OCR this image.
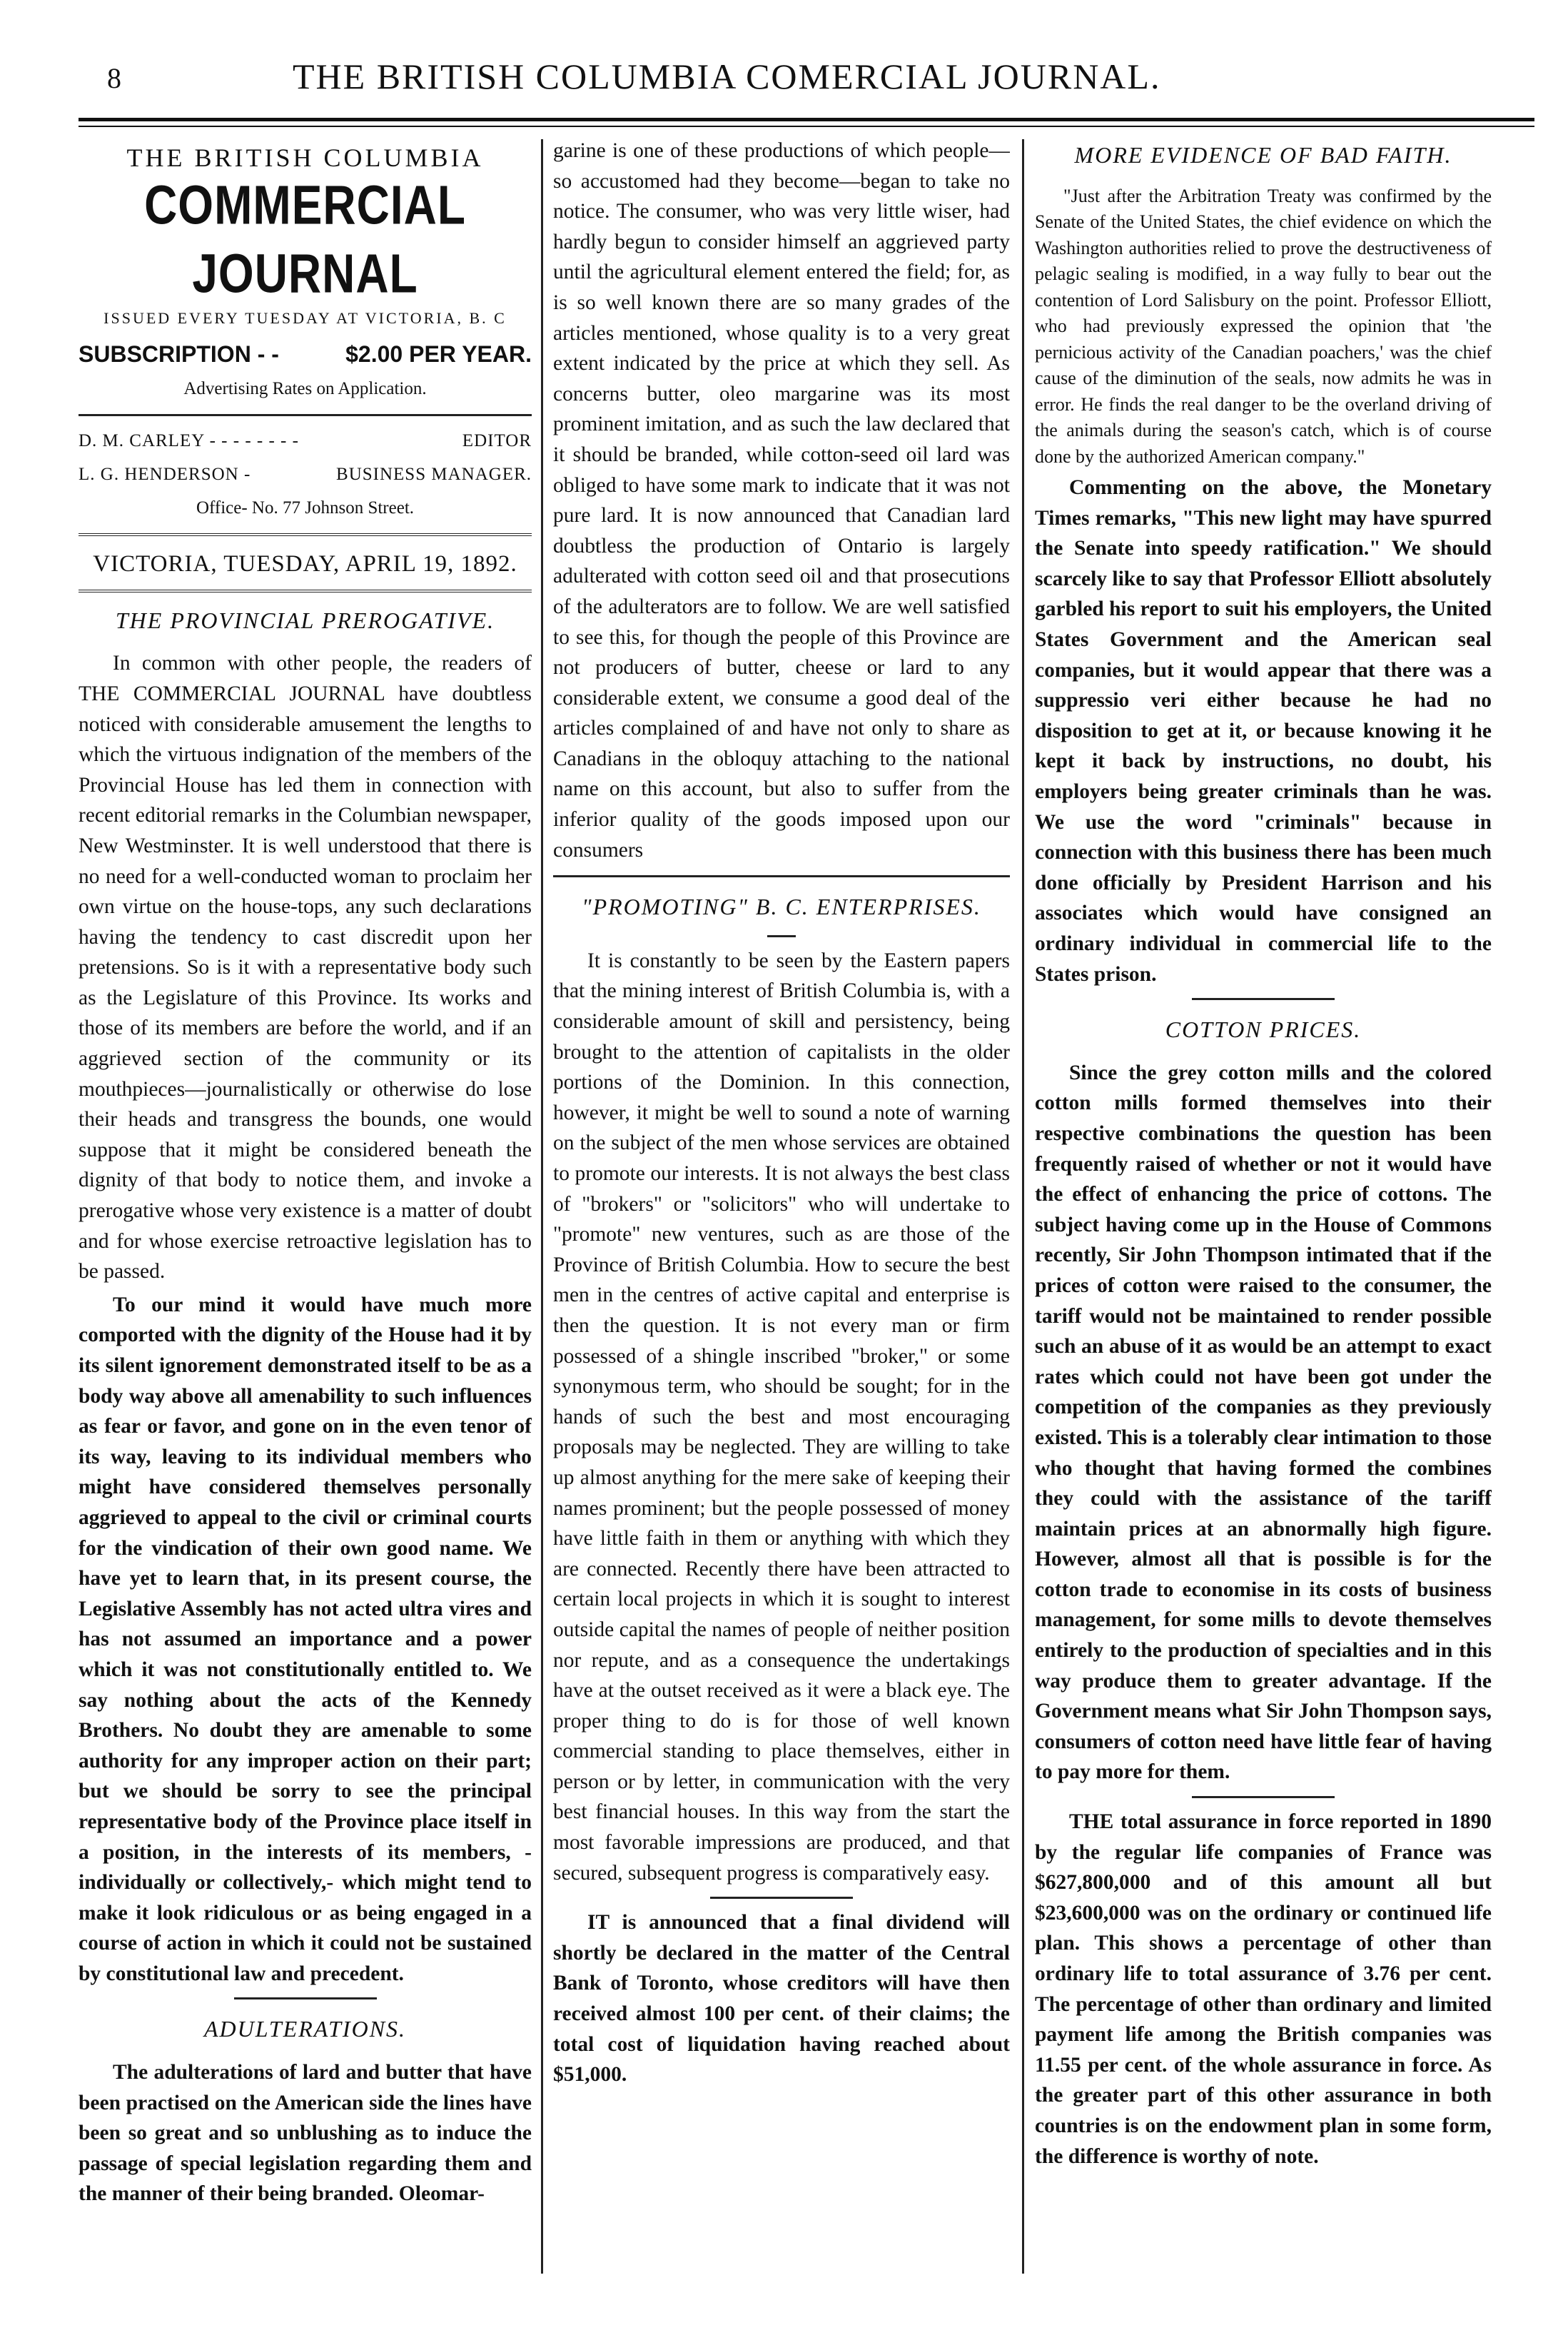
8	THE BRITISH COLUMBIA COMERCIAL JOURNAL.
THE BRITISH COLUMBIA
COMMERCIAL JOURNAL
ISSUED EVERY TUESDAY AT VICTORIA, B. C
SUBSCRIPTION - -	$2.00 PER YEAR.
Advertising Rates on Application.
D. M. CARLEY - - - - - - - -	EDITOR
L. G. HENDERSON -	BUSINESS MANAGER.
Office- No. 77 Johnson Street.
VICTORIA, TUESDAY, APRIL 19, 1892.
THE PROVINCIAL PREROGATIVE.

In common with other people, the readers of THE COMMERCIAL JOURNAL have doubtless noticed with considerable amusement the lengths to which the virtuous indignation of the members of the Provincial House has led them in connection with recent editorial remarks in the Columbian newspaper, New Westminster. It is well understood that there is no need for a well-conducted woman to proclaim her own virtue on the house-tops, any such declarations having the tendency to cast discredit upon her pretensions. So is it with a representative body such as the Legislature of this Province. Its works and those of its members are before the world, and if an aggrieved section of the community or its mouthpieces—journalistically or otherwise do lose their heads and transgress the bounds, one would suppose that it might be considered beneath the dignity of that body to notice them, and invoke a prerogative whose very existence is a matter of doubt and for whose exercise retroactive legislation has to be passed.

To our mind it would have much more comported with the dignity of the House had it by its silent ignorement demonstrated itself to be as a body way above all amenability to such influences as fear or favor, and gone on in the even tenor of its way, leaving to its individual members who might have considered themselves personally aggrieved to appeal to the civil or criminal courts for the vindication of their own good name. We have yet to learn that, in its present course, the Legislative Assembly has not acted ultra vires and has not assumed an importance and a power which it was not constitutionally entitled to. We say nothing about the acts of the Kennedy Brothers. No doubt they are amenable to some authority for any improper action on their part; but we should be sorry to see the principal representative body of the Province place itself in a position, in the interests of its members, -individually or collectively,- which might tend to make it look ridiculous or as being engaged in a course of action in which it could not be sustained by constitutional law and precedent.

ADULTERATIONS.

The adulterations of lard and butter that have been practised on the American side the lines have been so great and so unblushing as to induce the passage of special legislation regarding them and the manner of their being branded. Oleomar-

garine is one of these productions of which people—so accustomed had they become—began to take no notice. The consumer, who was very little wiser, had hardly begun to consider himself an aggrieved party until the agricultural element entered the field; for, as is so well known there are so many grades of the articles mentioned, whose quality is to a very great extent indicated by the price at which they sell. As concerns butter, oleo margarine was its most prominent imitation, and as such the law declared that it should be branded, while cotton-seed oil lard was obliged to have some mark to indicate that it was not pure lard. It is now announced that Canadian lard doubtless the production of Ontario is largely adulterated with cotton seed oil and that prosecutions of the adulterators are to follow. We are well satisfied to see this, for though the people of this Province are not producers of butter, cheese or lard to any considerable extent, we consume a good deal of the articles complained of and have not only to share as Canadians in the obloquy attaching to the national name on this account, but also to suffer from the inferior quality of the goods imposed upon our consumers

"PROMOTING" B. C. ENTERPRISES.

It is constantly to be seen by the Eastern papers that the mining interest of British Columbia is, with a considerable amount of skill and persistency, being brought to the attention of capitalists in the older portions of the Dominion. In this connection, however, it might be well to sound a note of warning on the subject of the men whose services are obtained to promote our interests. It is not always the best class of "brokers" or "solicitors" who will undertake to "promote" new ventures, such as are those of the Province of British Columbia. How to secure the best men in the centres of active capital and enterprise is then the question. It is not every man or firm possessed of a shingle inscribed "broker," or some synonymous term, who should be sought; for in the hands of such the best and most encouraging proposals may be neglected. They are willing to take up almost anything for the mere sake of keeping their names prominent; but the people possessed of money have little faith in them or anything with which they are connected. Recently there have been attracted to certain local projects in which it is sought to interest outside capital the names of people of neither position nor repute, and as a consequence the undertakings have at the outset received as it were a black eye. The proper thing to do is for those of well known commercial standing to place themselves, either in person or by letter, in communication with the very best financial houses. In this way from the start the most favorable impressions are produced, and that secured, subsequent progress is comparatively easy.

IT is announced that a final dividend will shortly be declared in the matter of the Central Bank of Toronto, whose creditors will have then received almost 100 per cent. of their claims; the total cost of liquidation having reached about $51,000.

MORE EVIDENCE OF BAD FAITH.

"Just after the Arbitration Treaty was confirmed by the Senate of the United States, the chief evidence on which the Washington authorities relied to prove the destructiveness of pelagic sealing is modified, in a way fully to bear out the contention of Lord Salisbury on the point. Professor Elliott, who had previously expressed the opinion that 'the pernicious activity of the Canadian poachers,' was the chief cause of the diminution of the seals, now admits he was in error. He finds the real danger to be the overland driving of the animals during the season's catch, which is of course done by the authorized American company."

Commenting on the above, the Monetary Times remarks, "This new light may have spurred the Senate into speedy ratification." We should scarcely like to say that Professor Elliott absolutely garbled his report to suit his employers, the United States Government and the American seal companies, but it would appear that there was a suppressio veri either because he had no disposition to get at it, or because knowing it he kept it back by instructions, no doubt, his employers being greater criminals than he was. We use the word "criminals" because in connection with this business there has been much done officially by President Harrison and his associates which would have consigned an ordinary individual in commercial life to the States prison.

COTTON PRICES.

Since the grey cotton mills and the colored cotton mills formed themselves into their respective combinations the question has been frequently raised of whether or not it would have the effect of enhancing the price of cottons. The subject having come up in the House of Commons recently, Sir John Thompson intimated that if the prices of cotton were raised to the consumer, the tariff would not be maintained to render possible such an abuse of it as would be an attempt to exact rates which could not have been got under the competition of the companies as they previously existed. This is a tolerably clear intimation to those who thought that having formed the combines they could with the assistance of the tariff maintain prices at an abnormally high figure. However, almost all that is possible is for the cotton trade to economise in its costs of business management, for some mills to devote themselves entirely to the production of specialties and in this way produce them to greater advantage. If the Government means what Sir John Thompson says, consumers of cotton need have little fear of having to pay more for them.

THE total assurance in force reported in 1890 by the regular life companies of France was $627,800,000 and of this amount all but $23,600,000 was on the ordinary or continued life plan. This shows a percentage of other than ordinary life to total assurance of 3.76 per cent. The percentage of other than ordinary and limited payment life among the British companies was 11.55 per cent. of the whole assurance in force. As the greater part of this other assurance in both countries is on the endowment plan in some form, the difference is worthy of note.
